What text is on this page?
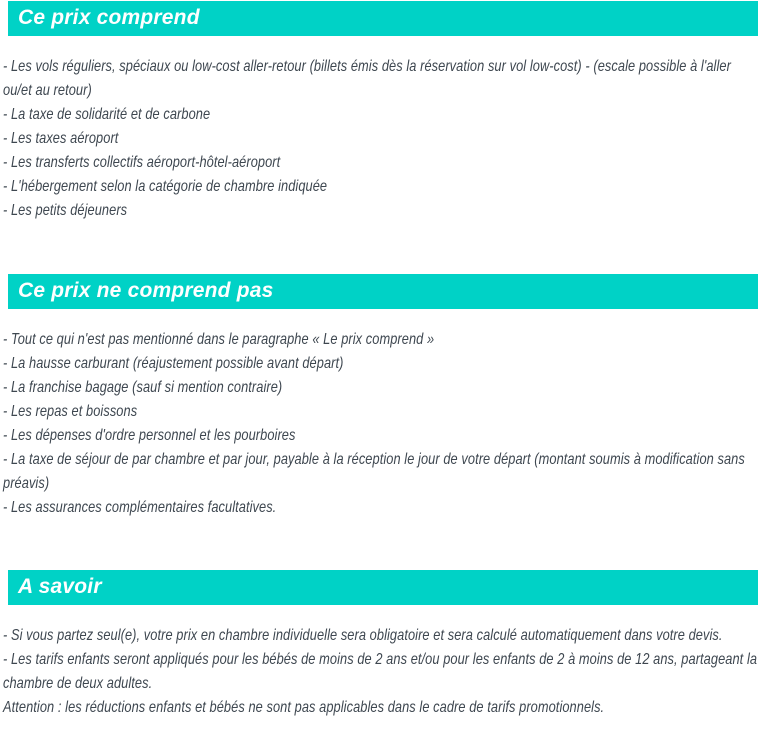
Ce prix comprend

- Les vols réguliers, spéciaux ou low-cost aller-retour (billets émis dès la réservation sur vol low-cost) - (escale possible à l'aller ou/et au retour)

- La taxe de solidarité et de carbone

- Les taxes aéroport

- Les transferts collectifs aéroport-hôtel-aéroport

- L'hébergement selon la catégorie de chambre indiquée

- Les petits déjeuners

Ce prix ne comprend pas

- Tout ce qui n'est pas mentionné dans le paragraphe « Le prix comprend »

- La hausse carburant (réajustement possible avant départ)

- La franchise bagage (sauf si mention contraire)

- Les repas et boissons

- Les dépenses d'ordre personnel et les pourboires

- La taxe de séjour de par chambre et par jour, payable à la réception le jour de votre départ (montant soumis à modification sans préavis)

- Les assurances complémentaires facultatives.

A savoir

- Si vous partez seul(e), votre prix en chambre individuelle sera obligatoire et sera calculé automatiquement dans votre devis.

- Les tarifs enfants seront appliqués pour les bébés de moins de 2 ans et/ou pour les enfants de 2 à moins de 12 ans, partageant la chambre de deux adultes.

Attention : les réductions enfants et bébés ne sont pas applicables dans le cadre de tarifs promotionnels.
